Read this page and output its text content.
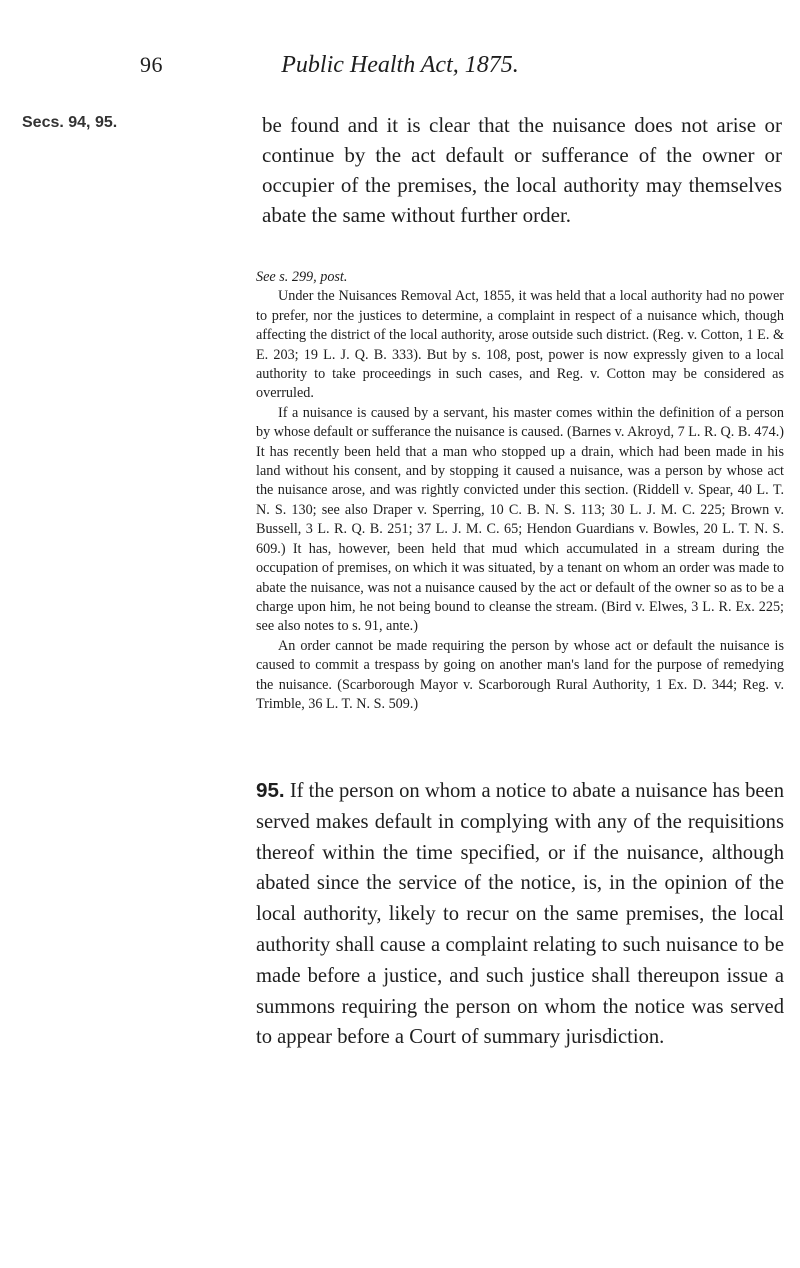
96	Public Health Act, 1875.
Secs. 94, 95.	be found and it is clear that the nuisance does not arise or continue by the act default or sufferance of the owner or occupier of the premises, the local authority may themselves abate the same without further order.

See s. 299, post.

Under the Nuisances Removal Act, 1855, it was held that a local authority had no power to prefer, nor the justices to determine, a complaint in respect of a nuisance which, though affecting the district of the local authority, arose outside such district. (Reg. v. Cotton, 1 E. & E. 203; 19 L. J. Q. B. 333). But by s. 108, post, power is now expressly given to a local authority to take proceedings in such cases, and Reg. v. Cotton may be considered as overruled.

If a nuisance is caused by a servant, his master comes within the definition of a person by whose default or sufferance the nuisance is caused. (Barnes v. Akroyd, 7 L. R. Q. B. 474.) It has recently been held that a man who stopped up a drain, which had been made in his land without his consent, and by stopping it caused a nuisance, was a person by whose act the nuisance arose, and was rightly convicted under this section. (Riddell v. Spear, 40 L. T. N. S. 130; see also Draper v. Sperring, 10 C. B. N. S. 113; 30 L. J. M. C. 225; Brown v. Bussell, 3 L. R. Q. B. 251; 37 L. J. M. C. 65; Hendon Guardians v. Bowles, 20 L. T. N. S. 609.) It has, however, been held that mud which accumulated in a stream during the occupation of premises, on which it was situated, by a tenant on whom an order was made to abate the nuisance, was not a nuisance caused by the act or default of the owner so as to be a charge upon him, he not being bound to cleanse the stream. (Bird v. Elwes, 3 L. R. Ex. 225; see also notes to s. 91, ante.)

An order cannot be made requiring the person by whose act or default the nuisance is caused to commit a trespass by going on another man's land for the purpose of remedying the nuisance. (Scarborough Mayor v. Scarborough Rural Authority, 1 Ex. D. 344; Reg. v. Trimble, 36 L. T. N. S. 509.)

95. If the person on whom a notice to abate a nuisance has been served makes default in complying with any of the requisitions thereof within the time specified, or if the nuisance, although abated since the service of the notice, is, in the opinion of the local authority, likely to recur on the same premises, the local authority shall cause a complaint relating to such nuisance to be made before a justice, and such justice shall thereupon issue a summons requiring the person on whom the notice was served to appear before a Court of summary jurisdiction.
